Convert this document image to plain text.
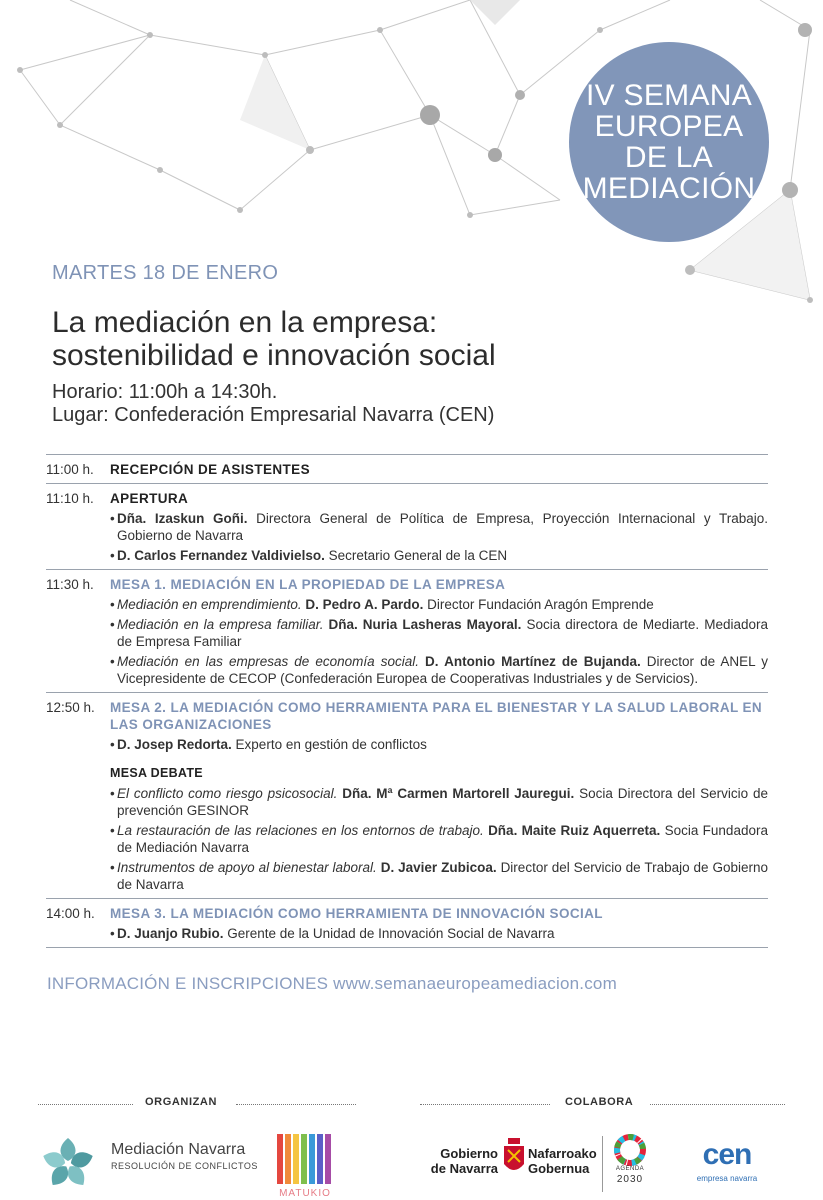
IV SEMANA
EUROPEA
DE LA
MEDIACIÓN
MARTES 18 DE ENERO
La mediación en la empresa:
sostenibilidad e innovación social
Horario: 11:00h a 14:30h.
Lugar: Confederación Empresarial Navarra (CEN)
11:00 h.	RECEPCIÓN DE ASISTENTES
11:10 h.	APERTURA
• Dña. Izaskun Goñi. Directora General de Política de Empresa, Proyección Internacional y Trabajo. Gobierno de Navarra

• D. Carlos Fernandez Valdivielso. Secretario General de la CEN

11:30 h.	MESA 1. MEDIACIÓN EN LA PROPIEDAD DE LA EMPRESA
• Mediación en emprendimiento. D. Pedro A. Pardo. Director Fundación Aragón Emprende

• Mediación en la empresa familiar. Dña. Nuria Lasheras Mayoral. Socia directora de Mediarte. Mediadora de Empresa Familiar

• Mediación en las empresas de economía social. D. Antonio Martínez de Bujanda. Director de ANEL y Vicepresidente de CECOP (Confederación Europea de Cooperativas Industriales y de Servicios).

12:50 h.	MESA 2. LA MEDIACIÓN COMO HERRAMIENTA PARA EL BIENESTAR Y LA SALUD LABORAL EN LAS ORGANIZACIONES
• D. Josep Redorta. Experto en gestión de conflictos

MESA DEBATE
• El conflicto como riesgo psicosocial. Dña. Mª Carmen Martorell Jauregui. Socia Directora del Servicio de prevención GESINOR

• La restauración de las relaciones en los entornos de trabajo. Dña. Maite Ruiz Aquerreta. Socia Fundadora de Mediación Navarra

• Instrumentos de apoyo al bienestar laboral. D. Javier Zubicoa. Director del Servicio de Trabajo de Gobierno de Navarra

14:00 h.	MESA 3. LA MEDIACIÓN COMO HERRAMIENTA DE INNOVACIÓN SOCIAL
• D. Juanjo Rubio. Gerente de la Unidad de Innovación Social de Navarra

INFORMACIÓN E INSCRIPCIONES www.semanaeuropeamediacion.com
ORGANIZAN	COLABORA
Mediación Navarra
RESOLUCIÓN DE CONFLICTOS
MATUKIO
Gobierno
de Navarra
Nafarroako
Gobernua	AGENDA
2030
cen
empresa navarra
